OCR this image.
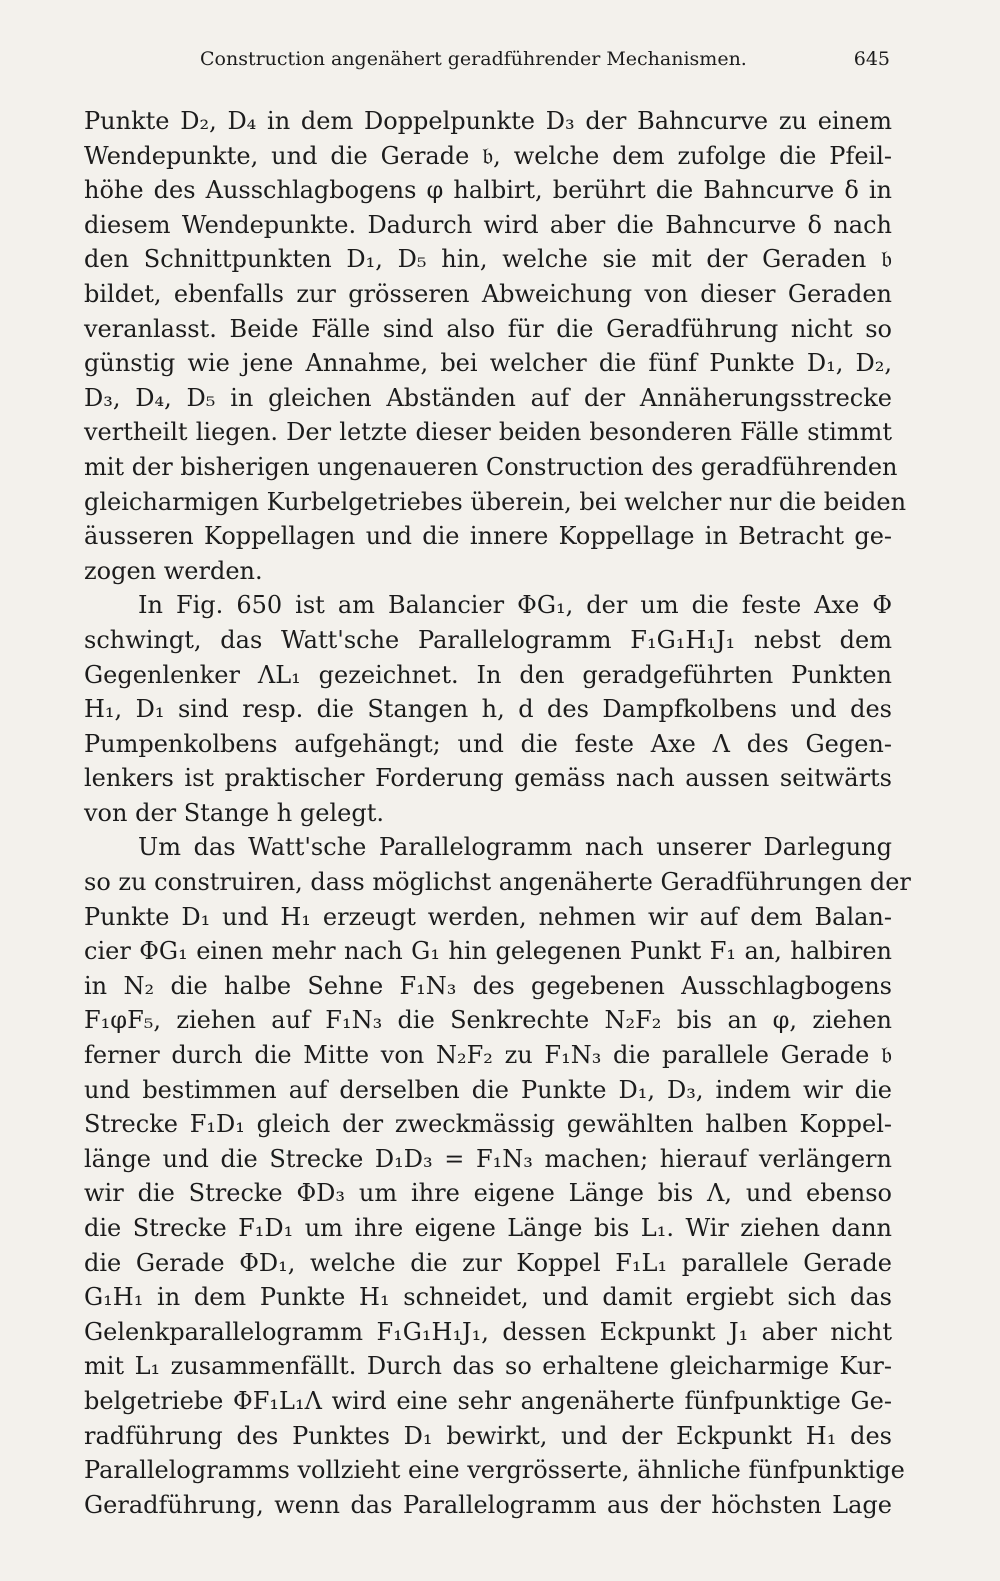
Construction angenähert geradführender Mechanismen.	645
Punkte D₂, D₄ in dem Doppelpunkte D₃ der Bahncurve zu einem
Wendepunkte, und die Gerade 𝔟, welche dem zufolge die Pfeil-
höhe des Ausschlagbogens φ halbirt, berührt die Bahncurve δ in
diesem Wendepunkte. Dadurch wird aber die Bahncurve δ nach
den Schnittpunkten D₁, D₅ hin, welche sie mit der Geraden 𝔟
bildet, ebenfalls zur grösseren Abweichung von dieser Geraden
veranlasst. Beide Fälle sind also für die Geradführung nicht so
günstig wie jene Annahme, bei welcher die fünf Punkte D₁, D₂,
D₃, D₄, D₅ in gleichen Abständen auf der Annäherungsstrecke
vertheilt liegen. Der letzte dieser beiden besonderen Fälle stimmt
mit der bisherigen ungenaueren Construction des geradführenden
gleicharmigen Kurbelgetriebes überein, bei welcher nur die beiden
äusseren Koppellagen und die innere Koppellage in Betracht ge-
zogen werden.
In Fig. 650 ist am Balancier ΦG₁, der um die feste Axe Φ
schwingt, das Watt'sche Parallelogramm F₁G₁H₁J₁ nebst dem
Gegenlenker ΛL₁ gezeichnet. In den geradgeführten Punkten
H₁, D₁ sind resp. die Stangen h, d des Dampfkolbens und des
Pumpenkolbens aufgehängt; und die feste Axe Λ des Gegen-
lenkers ist praktischer Forderung gemäss nach aussen seitwärts
von der Stange h gelegt.
Um das Watt'sche Parallelogramm nach unserer Darlegung
so zu construiren, dass möglichst angenäherte Geradführungen der
Punkte D₁ und H₁ erzeugt werden, nehmen wir auf dem Balan-
cier ΦG₁ einen mehr nach G₁ hin gelegenen Punkt F₁ an, halbiren
in N₂ die halbe Sehne F₁N₃ des gegebenen Ausschlagbogens
F₁φF₅, ziehen auf F₁N₃ die Senkrechte N₂F₂ bis an φ, ziehen
ferner durch die Mitte von N₂F₂ zu F₁N₃ die parallele Gerade 𝔟
und bestimmen auf derselben die Punkte D₁, D₃, indem wir die
Strecke F₁D₁ gleich der zweckmässig gewählten halben Koppel-
länge und die Strecke D₁D₃ = F₁N₃ machen; hierauf verlängern
wir die Strecke ΦD₃ um ihre eigene Länge bis Λ, und ebenso
die Strecke F₁D₁ um ihre eigene Länge bis L₁. Wir ziehen dann
die Gerade ΦD₁, welche die zur Koppel F₁L₁ parallele Gerade
G₁H₁ in dem Punkte H₁ schneidet, und damit ergiebt sich das
Gelenkparallelogramm F₁G₁H₁J₁, dessen Eckpunkt J₁ aber nicht
mit L₁ zusammenfällt. Durch das so erhaltene gleicharmige Kur-
belgetriebe ΦF₁L₁Λ wird eine sehr angenäherte fünfpunktige Ge-
radführung des Punktes D₁ bewirkt, und der Eckpunkt H₁ des
Parallelogramms vollzieht eine vergrösserte, ähnliche fünfpunktige
Geradführung, wenn das Parallelogramm aus der höchsten Lage
